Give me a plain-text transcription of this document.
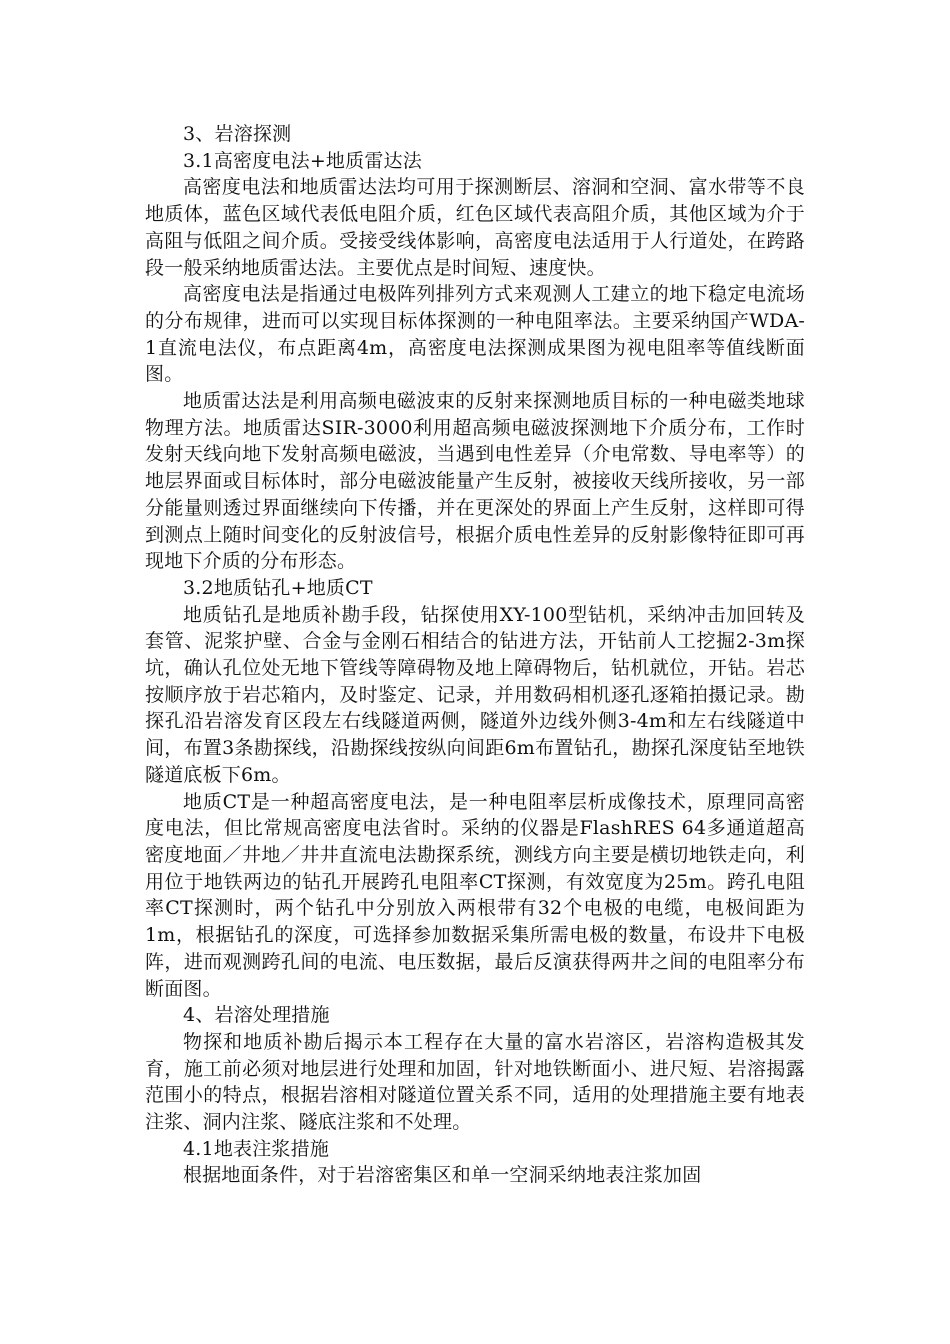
3、岩溶探测

3.1高密度电法+地质雷达法

高密度电法和地质雷达法均可用于探测断层、溶洞和空洞、富水带等不良地质体，蓝色区域代表低电阻介质，红色区域代表高阻介质，其他区域为介于高阻与低阻之间介质。受接受线体影响，高密度电法适用于人行道处，在跨路段一般采纳地质雷达法。主要优点是时间短、速度快。

高密度电法是指通过电极阵列排列方式来观测人工建立的地下稳定电流场的分布规律，进而可以实现目标体探测的一种电阻率法。主要采纳国产WDA-1直流电法仪，布点距离4m，高密度电法探测成果图为视电阻率等值线断面图。

地质雷达法是利用高频电磁波束的反射来探测地质目标的一种电磁类地球物理方法。地质雷达SIR-3000利用超高频电磁波探测地下介质分布，工作时发射天线向地下发射高频电磁波，当遇到电性差异（介电常数、导电率等）的地层界面或目标体时，部分电磁波能量产生反射，被接收天线所接收，另一部分能量则透过界面继续向下传播，并在更深处的界面上产生反射，这样即可得到测点上随时间变化的反射波信号，根据介质电性差异的反射影像特征即可再现地下介质的分布形态。

3.2地质钻孔+地质CT

地质钻孔是地质补勘手段，钻探使用XY-100型钻机，采纳冲击加回转及套管、泥浆护壁、合金与金刚石相结合的钻进方法，开钻前人工挖掘2-3m探坑，确认孔位处无地下管线等障碍物及地上障碍物后，钻机就位，开钻。岩芯按顺序放于岩芯箱内，及时鉴定、记录，并用数码相机逐孔逐箱拍摄记录。勘探孔沿岩溶发育区段左右线隧道两侧，隧道外边线外侧3-4m和左右线隧道中间，布置3条勘探线，沿勘探线按纵向间距6m布置钻孔，勘探孔深度钻至地铁隧道底板下6m。

地质CT是一种超高密度电法，是一种电阻率层析成像技术，原理同高密度电法，但比常规高密度电法省时。采纳的仪器是FlashRES 64多通道超高密度地面／井地／井井直流电法勘探系统，测线方向主要是横切地铁走向，利用位于地铁两边的钻孔开展跨孔电阻率CT探测，有效宽度为25m。跨孔电阻率CT探测时，两个钻孔中分别放入两根带有32个电极的电缆，电极间距为1m，根据钻孔的深度，可选择参加数据采集所需电极的数量，布设井下电极阵，进而观测跨孔间的电流、电压数据，最后反演获得两井之间的电阻率分布断面图。

4、岩溶处理措施

物探和地质补勘后揭示本工程存在大量的富水岩溶区，岩溶构造极其发育，施工前必须对地层进行处理和加固，针对地铁断面小、进尺短、岩溶揭露范围小的特点，根据岩溶相对隧道位置关系不同，适用的处理措施主要有地表注浆、洞内注浆、隧底注浆和不处理。

4.1地表注浆措施

根据地面条件，对于岩溶密集区和单一空洞采纳地表注浆加固
